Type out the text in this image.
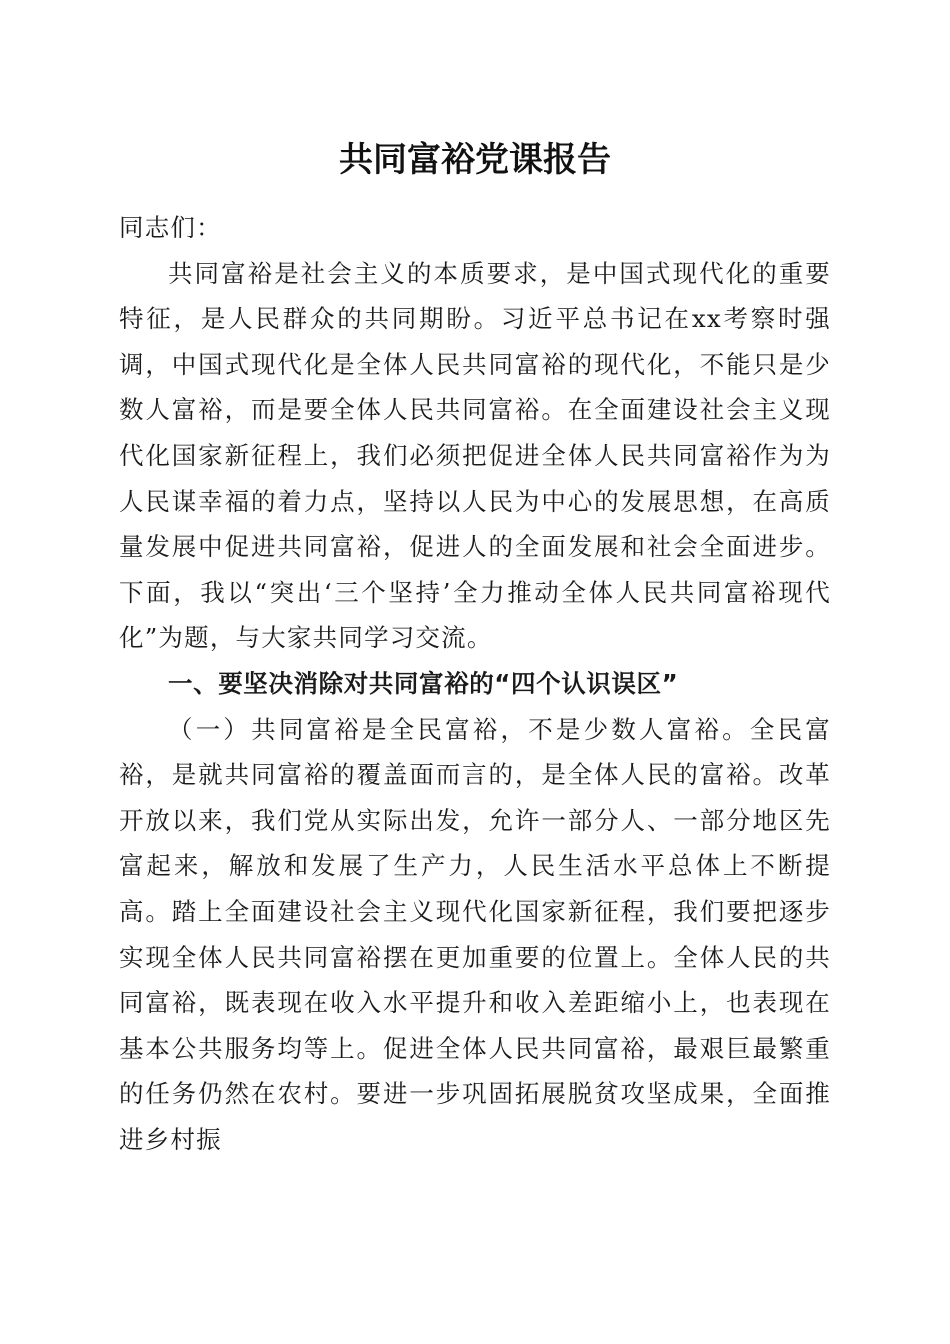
共同富裕党课报告

同志们：

共同富裕是社会主义的本质要求，是中国式现代化的重要特征，是人民群众的共同期盼。习近平总书记在xx考察时强调，中国式现代化是全体人民共同富裕的现代化，不能只是少数人富裕，而是要全体人民共同富裕。在全面建设社会主义现代化国家新征程上，我们必须把促进全体人民共同富裕作为为人民谋幸福的着力点，坚持以人民为中心的发展思想，在高质量发展中促进共同富裕，促进人的全面发展和社会全面进步。下面，我以“突出‘三个坚持’全力推动全体人民共同富裕现代化”为题，与大家共同学习交流。

一、要坚决消除对共同富裕的“四个认识误区”

（一）共同富裕是全民富裕，不是少数人富裕。全民富裕，是就共同富裕的覆盖面而言的，是全体人民的富裕。改革开放以来，我们党从实际出发，允许一部分人、一部分地区先富起来，解放和发展了生产力，人民生活水平总体上不断提高。踏上全面建设社会主义现代化国家新征程，我们要把逐步实现全体人民共同富裕摆在更加重要的位置上。全体人民的共同富裕，既表现在收入水平提升和收入差距缩小上，也表现在基本公共服务均等上。促进全体人民共同富裕，最艰巨最繁重的任务仍然在农村。要进一步巩固拓展脱贫攻坚成果，全面推进乡村振
